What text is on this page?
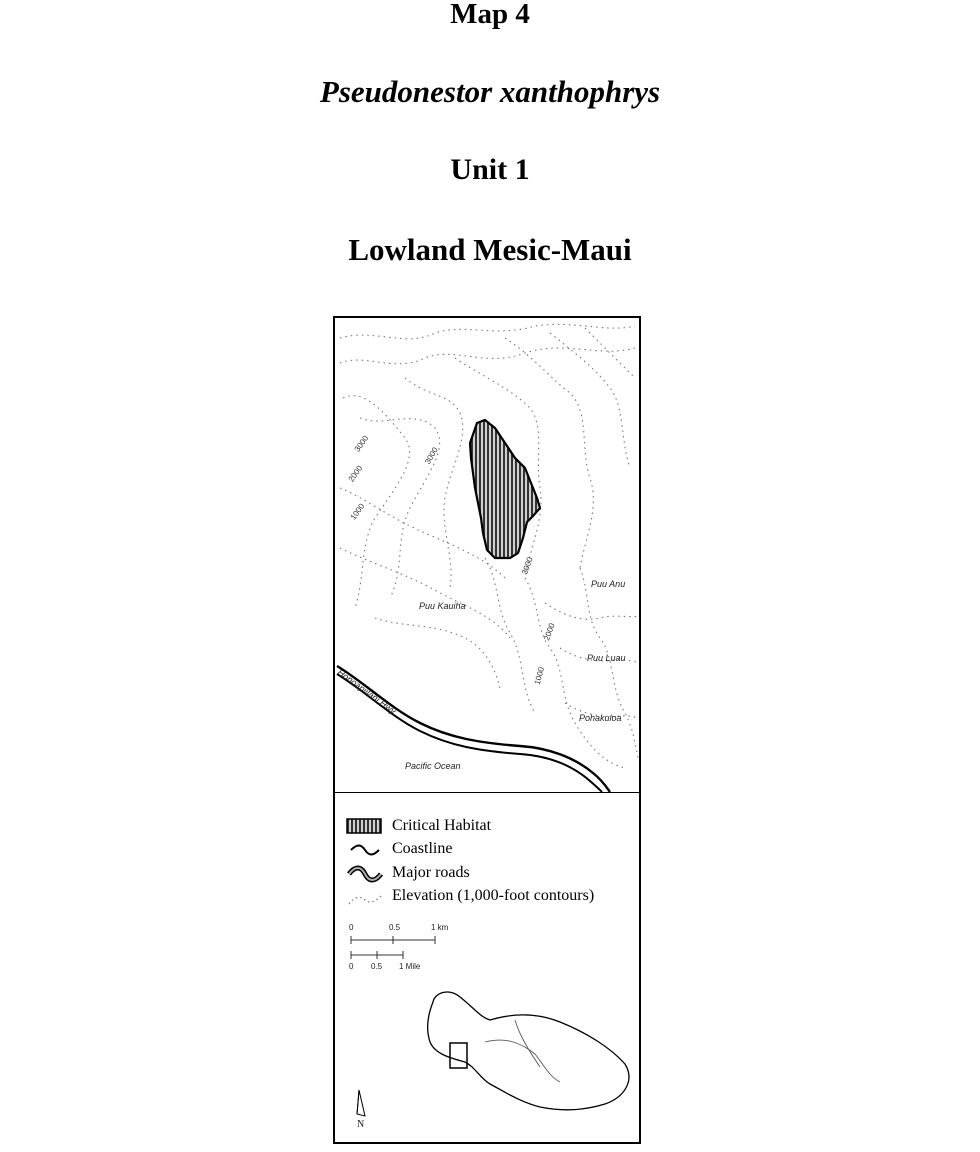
Map 4
Pseudonestor xanthophrys
Unit 1
Lowland Mesic-Maui
Puu Kauiha
Puu Anu
Puu Luau
Pohakuloa
Pacific Ocean
Honoapiilani Hwy
3000
2000
1000
3000
3000
2000
1000
Critical Habitat
Coastline
Major roads
Elevation (1,000-foot contours)
0	0.5	1 km
0 0.5 1 Mile
N
